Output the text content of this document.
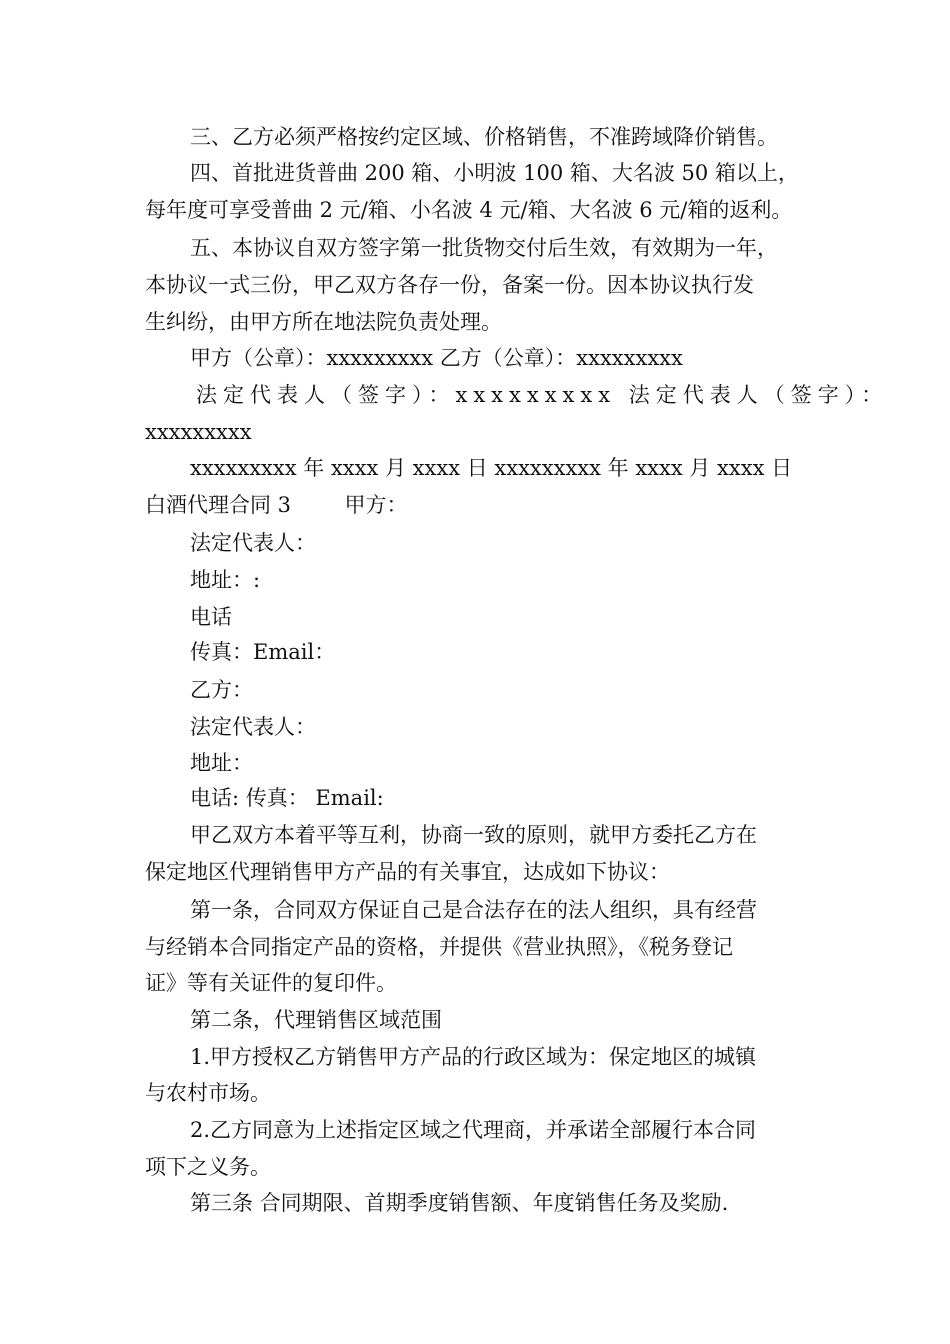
三、乙方必须严格按约定区域、价格销售，不准跨域降价销售。
四、首批进货普曲 200 箱、小明波 100 箱、大名波 50 箱以上，
每年度可享受普曲 2 元/箱、小名波 4 元/箱、大名波 6 元/箱的返利。
五、本协议自双方签字第一批货物交付后生效，有效期为一年，
本协议一式三份，甲乙双方各存一份，备案一份。因本协议执行发
生纠纷，由甲方所在地法院负责处理。
甲方（公章）：xxxxxxxxx 乙方（公章）：xxxxxxxxx
法定代表人（签字）：xxxxxxxxx 法定代表人（签字）：
xxxxxxxxx
xxxxxxxxx 年 xxxx 月 xxxx 日 xxxxxxxxx 年 xxxx 月 xxxx 日
白酒代理合同 3        甲方：
法定代表人：
地址：:
电话
传真：Email：
乙方：
法定代表人：
地址：
电话: 传真： Email:
甲乙双方本着平等互利，协商一致的原则，就甲方委托乙方在
保定地区代理销售甲方产品的有关事宜，达成如下协议：
第一条，合同双方保证自己是合法存在的法人组织，具有经营
与经销本合同指定产品的资格，并提供《营业执照》，《税务登记
证》等有关证件的复印件。
第二条，代理销售区域范围
1.甲方授权乙方销售甲方产品的行政区域为：保定地区的城镇
与农村市场。
2.乙方同意为上述指定区域之代理商，并承诺全部履行本合同
项下之义务。
第三条 合同期限、首期季度销售额、年度销售任务及奖励.
